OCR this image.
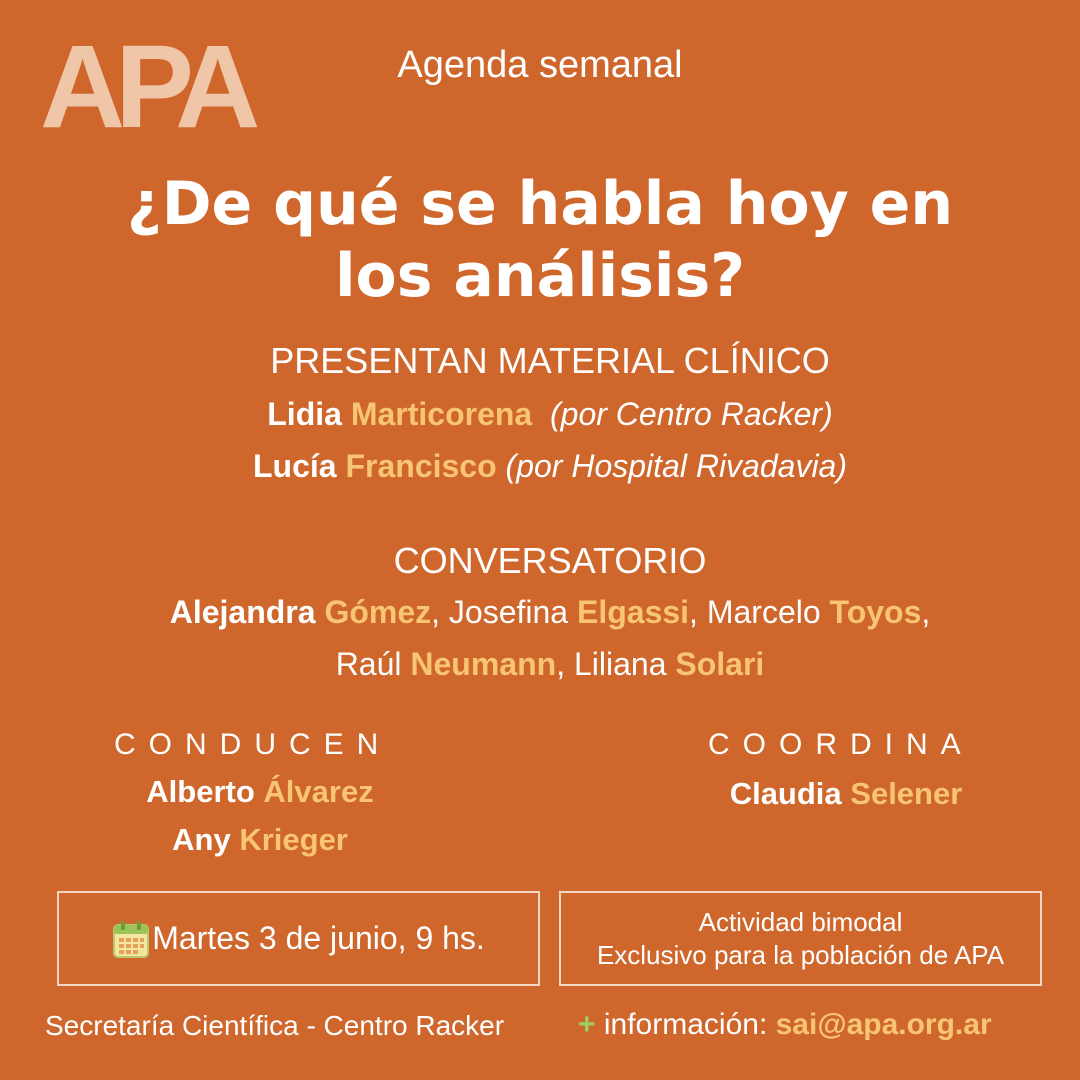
APA	Agenda semanal
¿De qué se habla hoy en
los análisis?
PRESENTAN MATERIAL CLÍNICO
Lidia Marticorena (por Centro Racker)
Lucía Francisco (por Hospital Rivadavia)
CONVERSATORIO
Alejandra Gómez, Josefina Elgassi, Marcelo Toyos,
Raúl Neumann, Liliana Solari
CONDUCEN
Alberto Álvarez
Any Krieger
COORDINA
Claudia Selener
Martes 3 de junio, 9 hs.	Actividad bimodal
Exclusivo para la población de APA
Secretaría Científica - Centro Racker + información: sai@apa.org.ar
